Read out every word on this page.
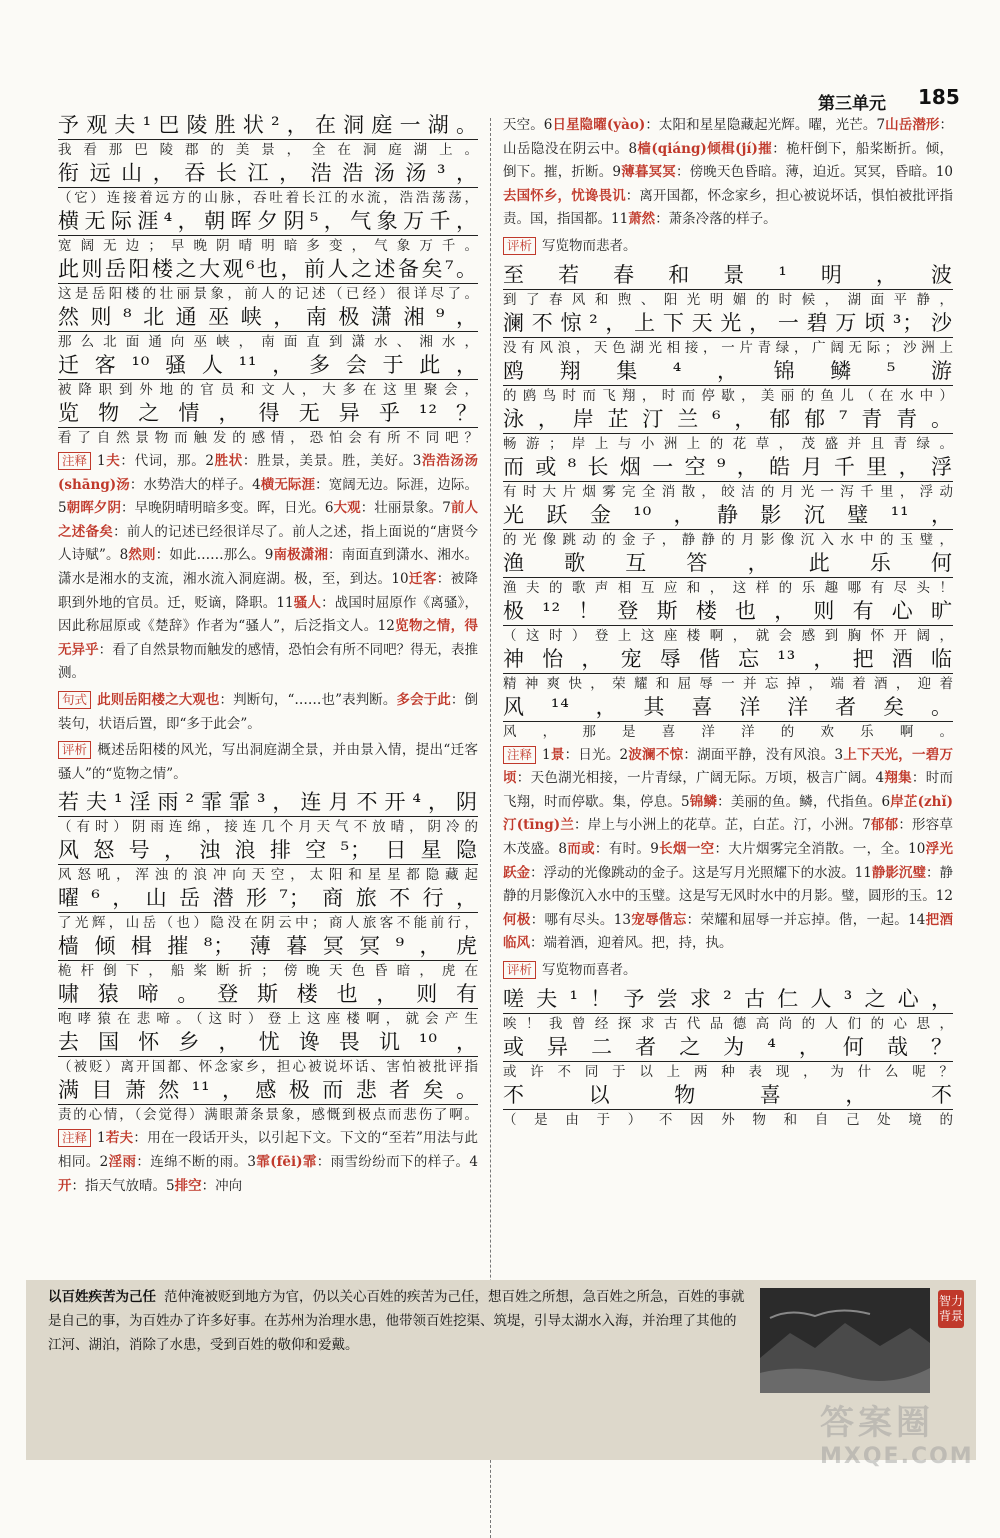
第三单元 185
予观夫¹巴陵胜状²，在洞庭一湖。
我看那巴陵郡的美景，全在洞庭湖上。
衔远山，吞长江，浩浩汤汤³，
（它）连接着远方的山脉，吞吐着长江的水流，浩浩荡荡，
横无际涯⁴，朝晖夕阴⁵，气象万千，
宽阔无边；早晚阴晴明暗多变，气象万千。
此则岳阳楼之大观⁶也，前人之述备矣⁷。
这是岳阳楼的壮丽景象，前人的记述（已经）很详尽了。
然则⁸北通巫峡，南极潇湘⁹，
那么北面通向巫峡，南面直到潇水、湘水，
迁客¹⁰骚人¹¹，多会于此，
被降职到外地的官员和文人，大多在这里聚会，
览物之情，得无异乎¹²？
看了自然景物而触发的感情，恐怕会有所不同吧？
注释 1夫：代词，那。2胜状：胜景，美景。胜，美好。3浩浩汤汤(shāng)汤：水势浩大的样子。4横无际涯：宽阔无边。际涯，边际。5朝晖夕阴：早晚阴晴明暗多变。晖，日光。6大观：壮丽景象。7前人之述备矣：前人的记述已经很详尽了。前人之述，指上面说的“唐贤今人诗赋”。8然则：如此……那么。9南极潇湘：南面直到潇水、湘水。潇水是湘水的支流，湘水流入洞庭湖。极，至，到达。10迁客：被降职到外地的官员。迁，贬谪，降职。11骚人：战国时屈原作《离骚》，因此称屈原或《楚辞》作者为“骚人”，后泛指文人。12览物之情，得无异乎：看了自然景物而触发的感情，恐怕会有所不同吧？得无，表推测。
句式 此则岳阳楼之大观也：判断句，“……也”表判断。多会于此：倒装句，状语后置，即“多于此会”。
评析 概述岳阳楼的风光，写出洞庭湖全景，并由景入情，提出“迁客骚人”的“览物之情”。
若夫¹淫雨²霏霏³，连月不开⁴，阴
（有时）阴雨连绵，接连几个月天气不放晴，阴冷的
风怒号，浊浪排空⁵；日星隐
风怒吼，浑浊的浪冲向天空，太阳和星星都隐藏起
曜⁶，山岳潜形⁷；商旅不行，
了光辉，山岳（也）隐没在阴云中；商人旅客不能前行，
樯倾楫摧⁸；薄暮冥冥⁹，虎
桅杆倒下，船桨断折；傍晚天色昏暗，虎在
啸猿啼。登斯楼也，则有
咆哮猿在悲啼。（这时）登上这座楼啊，就会产生
去国怀乡，忧谗畏讥¹⁰，
（被贬）离开国都、怀念家乡，担心被说坏话、害怕被批评指
满目萧然¹¹，感极而悲者矣。
责的心情，（会觉得）满眼萧条景象，感慨到极点而悲伤了啊。
注释 1若夫：用在一段话开头，以引起下文。下文的“至若”用法与此相同。2淫雨：连绵不断的雨。3霏(fēi)霏：雨雪纷纷而下的样子。4开：指天气放晴。5排空：冲向
天空。6日星隐曜(yào)：太阳和星星隐藏起光辉。曜，光芒。7山岳潜形：山岳隐没在阴云中。8樯(qiáng)倾楫(jí)摧：桅杆倒下，船桨断折。倾，倒下。摧，折断。9薄暮冥冥：傍晚天色昏暗。薄，迫近。冥冥，昏暗。10去国怀乡，忧谗畏讥：离开国都，怀念家乡，担心被说坏话，惧怕被批评指责。国，指国都。11萧然：萧条冷落的样子。
评析 写览物而悲者。
至若春和景¹明，波
到了春风和煦、阳光明媚的时候，湖面平静，
澜不惊²，上下天光，一碧万顷³；沙
没有风浪，天色湖光相接，一片青绿，广阔无际；沙洲上
鸥翔集⁴，锦鳞⁵游
的鸥鸟时而飞翔，时而停歇，美丽的鱼儿（在水中）
泳，岸芷汀兰⁶，郁郁⁷青青。
畅游；岸上与小洲上的花草，茂盛并且青绿。
而或⁸长烟一空⁹，皓月千里，浮
有时大片烟雾完全消散，皎洁的月光一泻千里，浮动
光跃金¹⁰，静影沉璧¹¹，
的光像跳动的金子，静静的月影像沉入水中的玉璧，
渔歌互答，此乐何
渔夫的歌声相互应和，这样的乐趣哪有尽头！
极¹²！登斯楼也，则有心旷
（这时）登上这座楼啊，就会感到胸怀开阔，
神怡，宠辱偕忘¹³，把酒临
精神爽快，荣耀和屈辱一并忘掉，端着酒，迎着
风¹⁴，其喜洋洋者矣。
风，那是喜洋洋的欢乐啊。
注释 1景：日光。2波澜不惊：湖面平静，没有风浪。3上下天光，一碧万顷：天色湖光相接，一片青绿，广阔无际。万顷，极言广阔。4翔集：时而飞翔，时而停歇。集，停息。5锦鳞：美丽的鱼。鳞，代指鱼。6岸芷(zhǐ)汀(tīng)兰：岸上与小洲上的花草。芷，白芷。汀，小洲。7郁郁：形容草木茂盛。8而或：有时。9长烟一空：大片烟雾完全消散。一，全。10浮光跃金：浮动的光像跳动的金子。这是写月光照耀下的水波。11静影沉璧：静静的月影像沉入水中的玉璧。这是写无风时水中的月影。璧，圆形的玉。12何极：哪有尽头。13宠辱偕忘：荣耀和屈辱一并忘掉。偕，一起。14把酒临风：端着酒，迎着风。把，持，执。
评析 写览物而喜者。
嗟夫¹！予尝求²古仁人³之心，
唉！我曾经探求古代品德高尚的人们的心思，
或异二者之为⁴，何哉？
或许不同于以上两种表现，为什么呢？
不以物喜，不
（是由于）不因外物和自己处境的
以百姓疾苦为己任 范仲淹被贬到地方为官，仍以关心百姓的疾苦为己任，想百姓之所想，急百姓之所急，百姓的事就是自己的事，为百姓办了许多好事。在苏州为治理水患，他带领百姓挖渠、筑堤，引导太湖水入海，并治理了其他的江河、湖泊，消除了水患，受到百姓的敬仰和爱戴。
智力背景
答案圈
MXQE.COM
